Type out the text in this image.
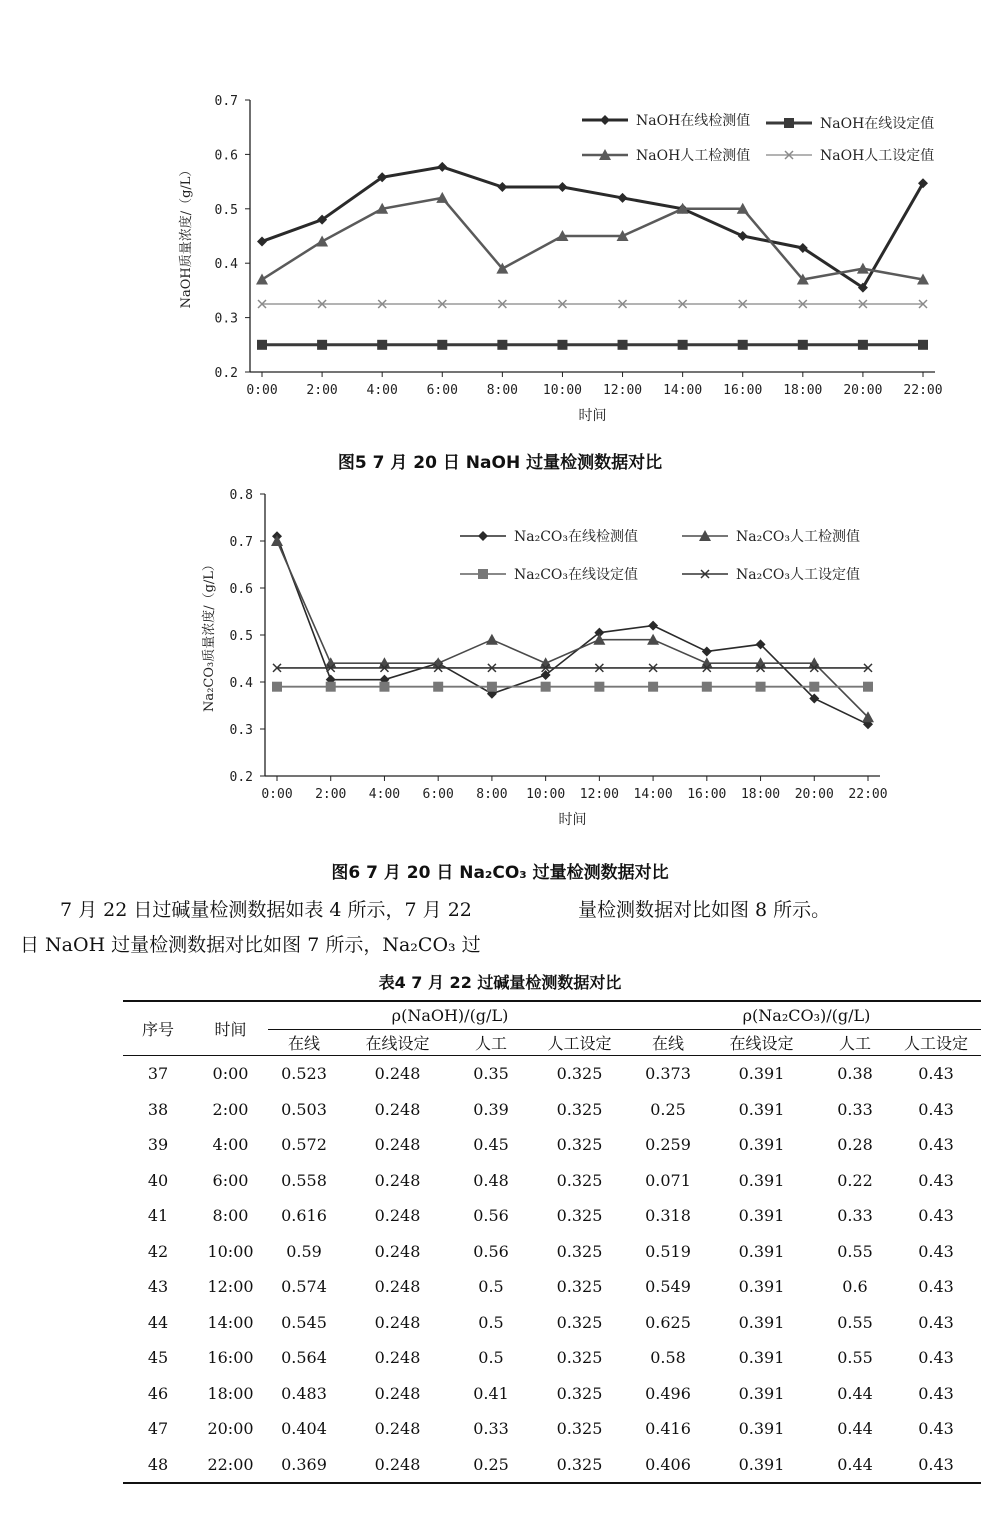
0.2
0.3
0.4
0.5
0.6
0.7
0:00 2:00 4:00 6:00 8:00 10:00 12:00 14:00 16:00 18:00 20:00 22:00
时间
NaOH质量浓度/（g/L）
NaOH在线检测值	NaOH在线设定值
NaOH人工检测值	NaOH人工设定值
图5 7 月 20 日 NaOH 过量检测数据对比
0.2
0.3
0.4
0.5
0.6
0.7
0.8
0:00 2:00 4:00 6:00 8:00 10:00 12:00 14:00 16:00 18:00 20:00 22:00
时间
Na₂CO₃质量浓度/（g/L）
Na₂CO₃在线检测值	Na₂CO₃人工检测值
Na₂CO₃在线设定值	Na₂CO₃人工设定值
图6 7 月 20 日 Na₂CO₃ 过量检测数据对比
7 月 22 日过碱量检测数据如表 4 所示，7 月 22
日 NaOH 过量检测数据对比如图 7 所示，Na₂CO₃ 过
量检测数据对比如图 8 所示。
表4 7 月 22 过碱量检测数据对比
序号	时间	ρ(NaOH)/(g/L)				ρ(Na₂CO₃)/(g/L)			
		在线	在线设定	人工	人工设定	在线	在线设定	人工	人工设定
37	0:00	0.523	0.248	0.35	0.325	0.373	0.391	0.38	0.43
38	2:00	0.503	0.248	0.39	0.325	0.25	0.391	0.33	0.43
39	4:00	0.572	0.248	0.45	0.325	0.259	0.391	0.28	0.43
40	6:00	0.558	0.248	0.48	0.325	0.071	0.391	0.22	0.43
41	8:00	0.616	0.248	0.56	0.325	0.318	0.391	0.33	0.43
42	10:00	0.59	0.248	0.56	0.325	0.519	0.391	0.55	0.43
43	12:00	0.574	0.248	0.5	0.325	0.549	0.391	0.6	0.43
44	14:00	0.545	0.248	0.5	0.325	0.625	0.391	0.55	0.43
45	16:00	0.564	0.248	0.5	0.325	0.58	0.391	0.55	0.43
46	18:00	0.483	0.248	0.41	0.325	0.496	0.391	0.44	0.43
47	20:00	0.404	0.248	0.33	0.325	0.416	0.391	0.44	0.43
48	22:00	0.369	0.248	0.25	0.325	0.406	0.391	0.44	0.43
